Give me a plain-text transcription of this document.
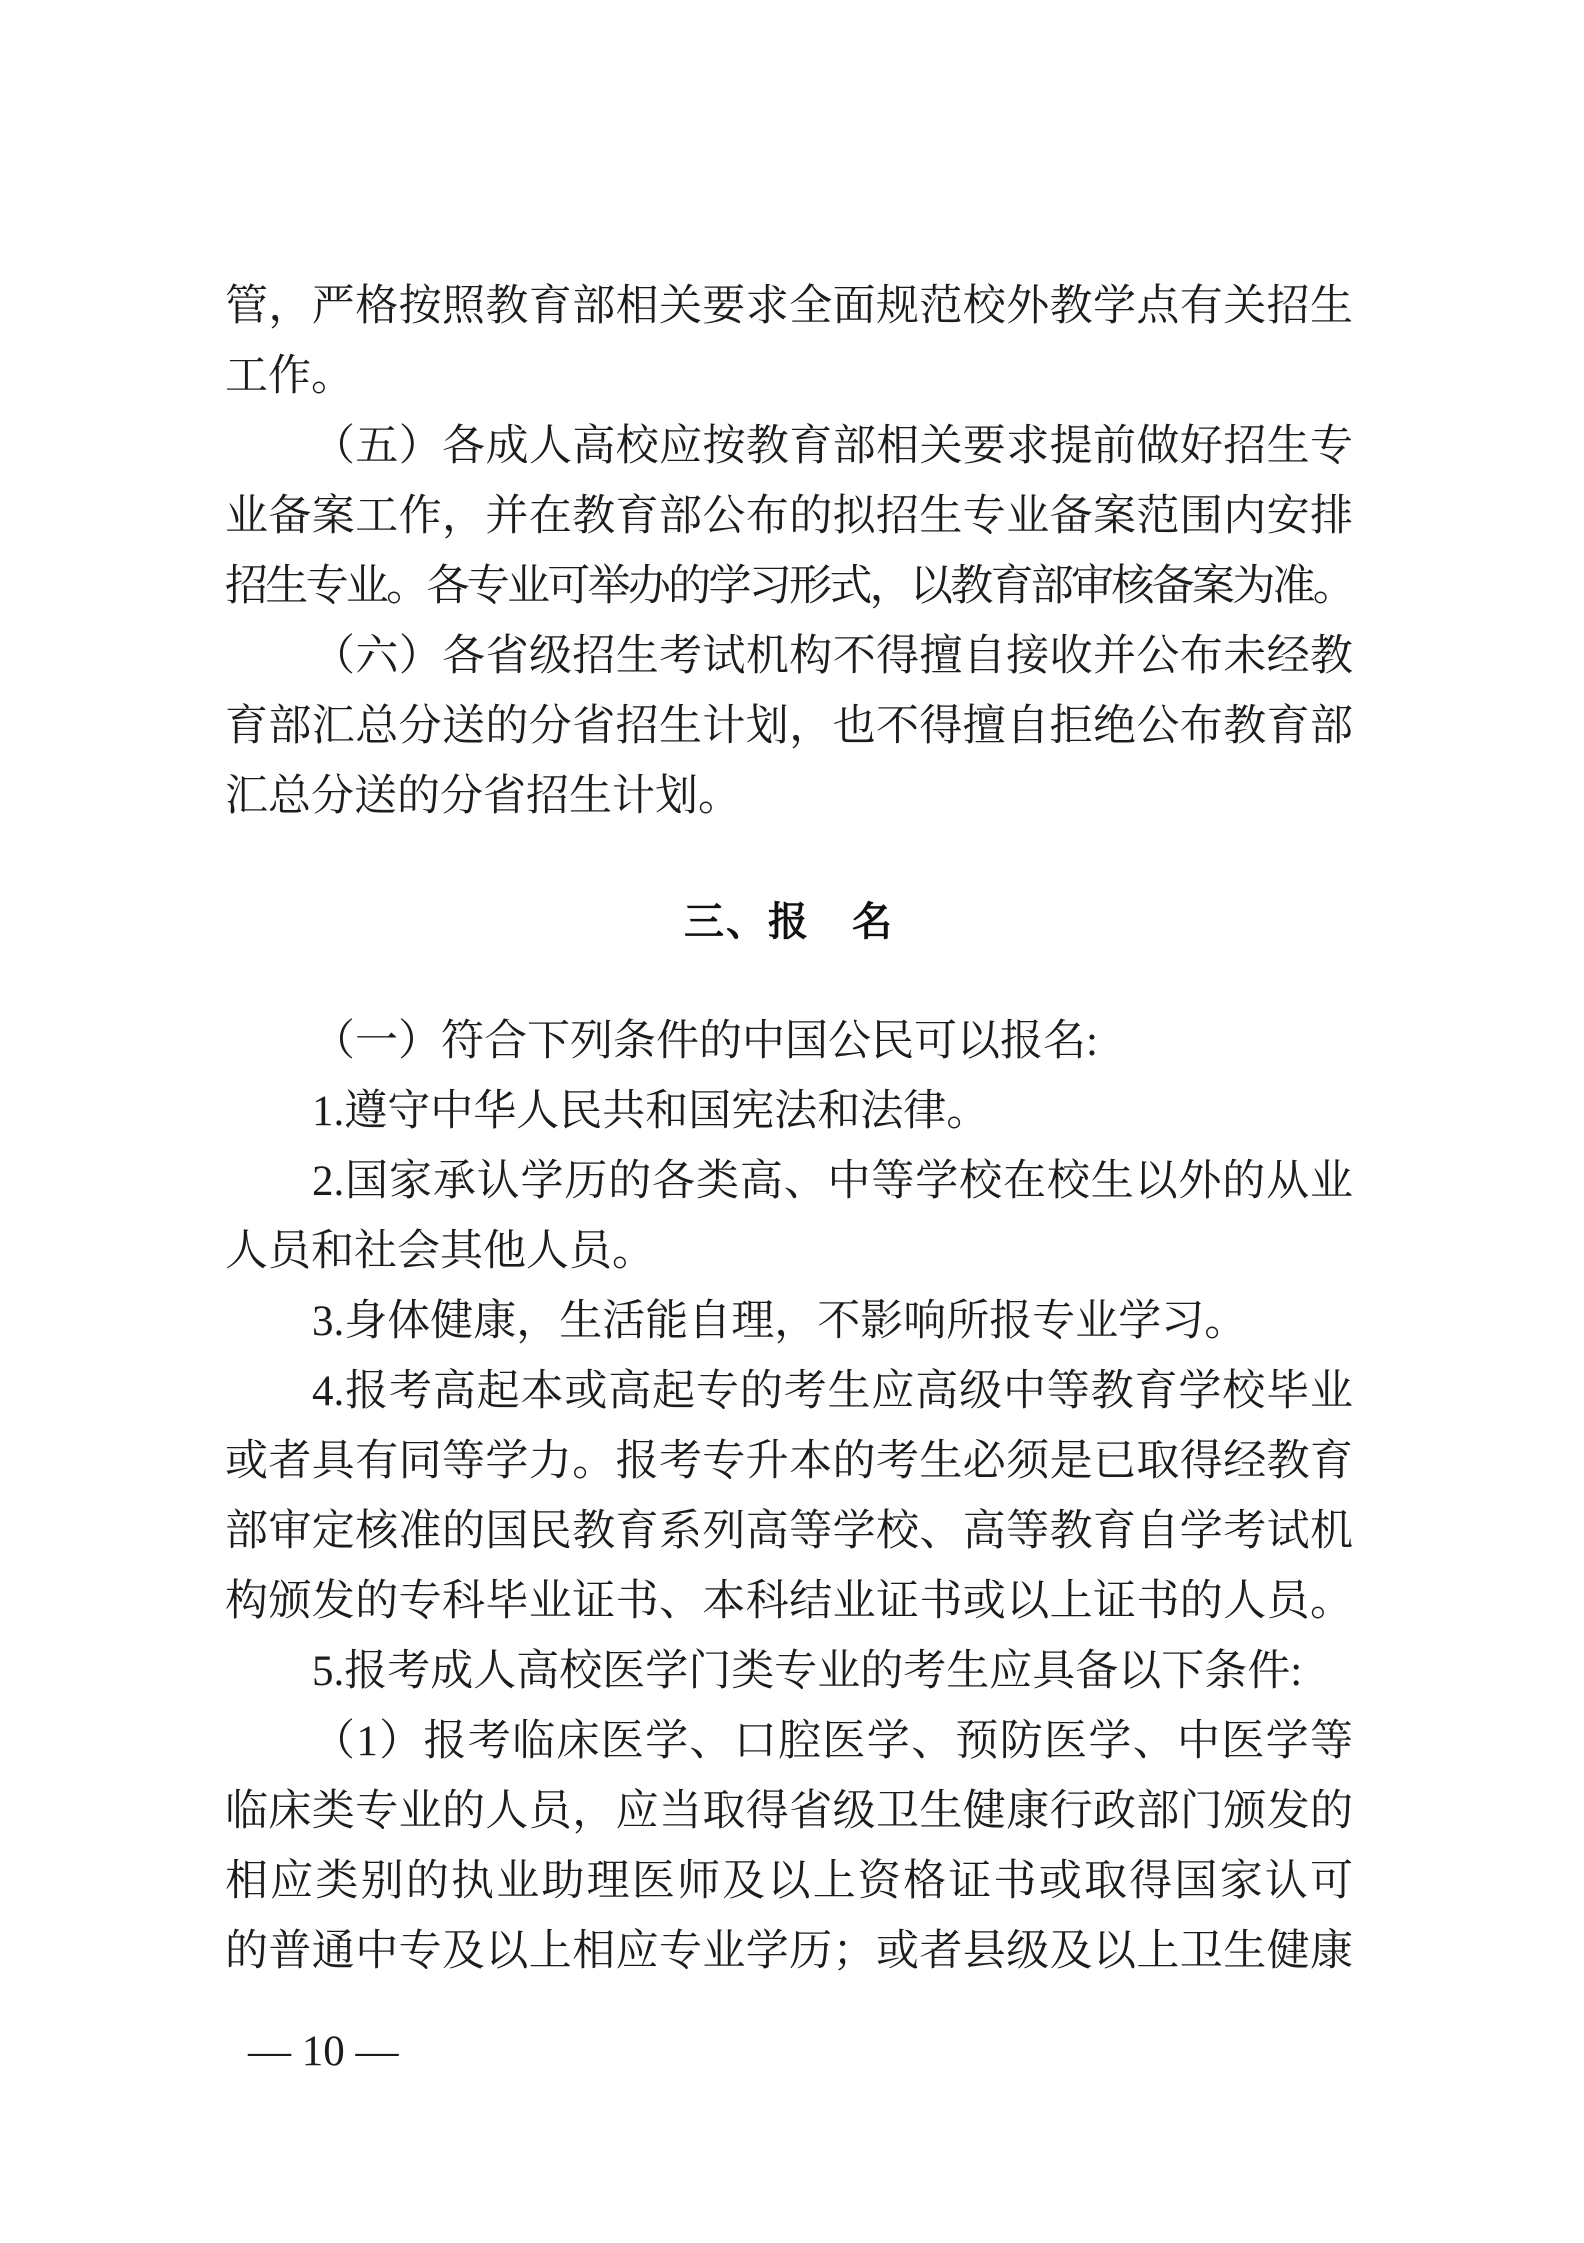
管，严格按照教育部相关要求全面规范校外教学点有关招生
工作。
（五）各成人高校应按教育部相关要求提前做好招生专
业备案工作，并在教育部公布的拟招生专业备案范围内安排
招生专业。各专业可举办的学习形式，以教育部审核备案为准。
（六）各省级招生考试机构不得擅自接收并公布未经教
育部汇总分送的分省招生计划，也不得擅自拒绝公布教育部
汇总分送的分省招生计划。
三、报　名
（一）符合下列条件的中国公民可以报名:
1.遵守中华人民共和国宪法和法律。
2.国家承认学历的各类高、中等学校在校生以外的从业
人员和社会其他人员。
3.身体健康，生活能自理，不影响所报专业学习。
4.报考高起本或高起专的考生应高级中等教育学校毕业
或者具有同等学力。报考专升本的考生必须是已取得经教育
部审定核准的国民教育系列高等学校、高等教育自学考试机
构颁发的专科毕业证书、本科结业证书或以上证书的人员。
5.报考成人高校医学门类专业的考生应具备以下条件:
（1）报考临床医学、口腔医学、预防医学、中医学等
临床类专业的人员，应当取得省级卫生健康行政部门颁发的
相应类别的执业助理医师及以上资格证书或取得国家认可
的普通中专及以上相应专业学历；或者县级及以上卫生健康
— 10 —
